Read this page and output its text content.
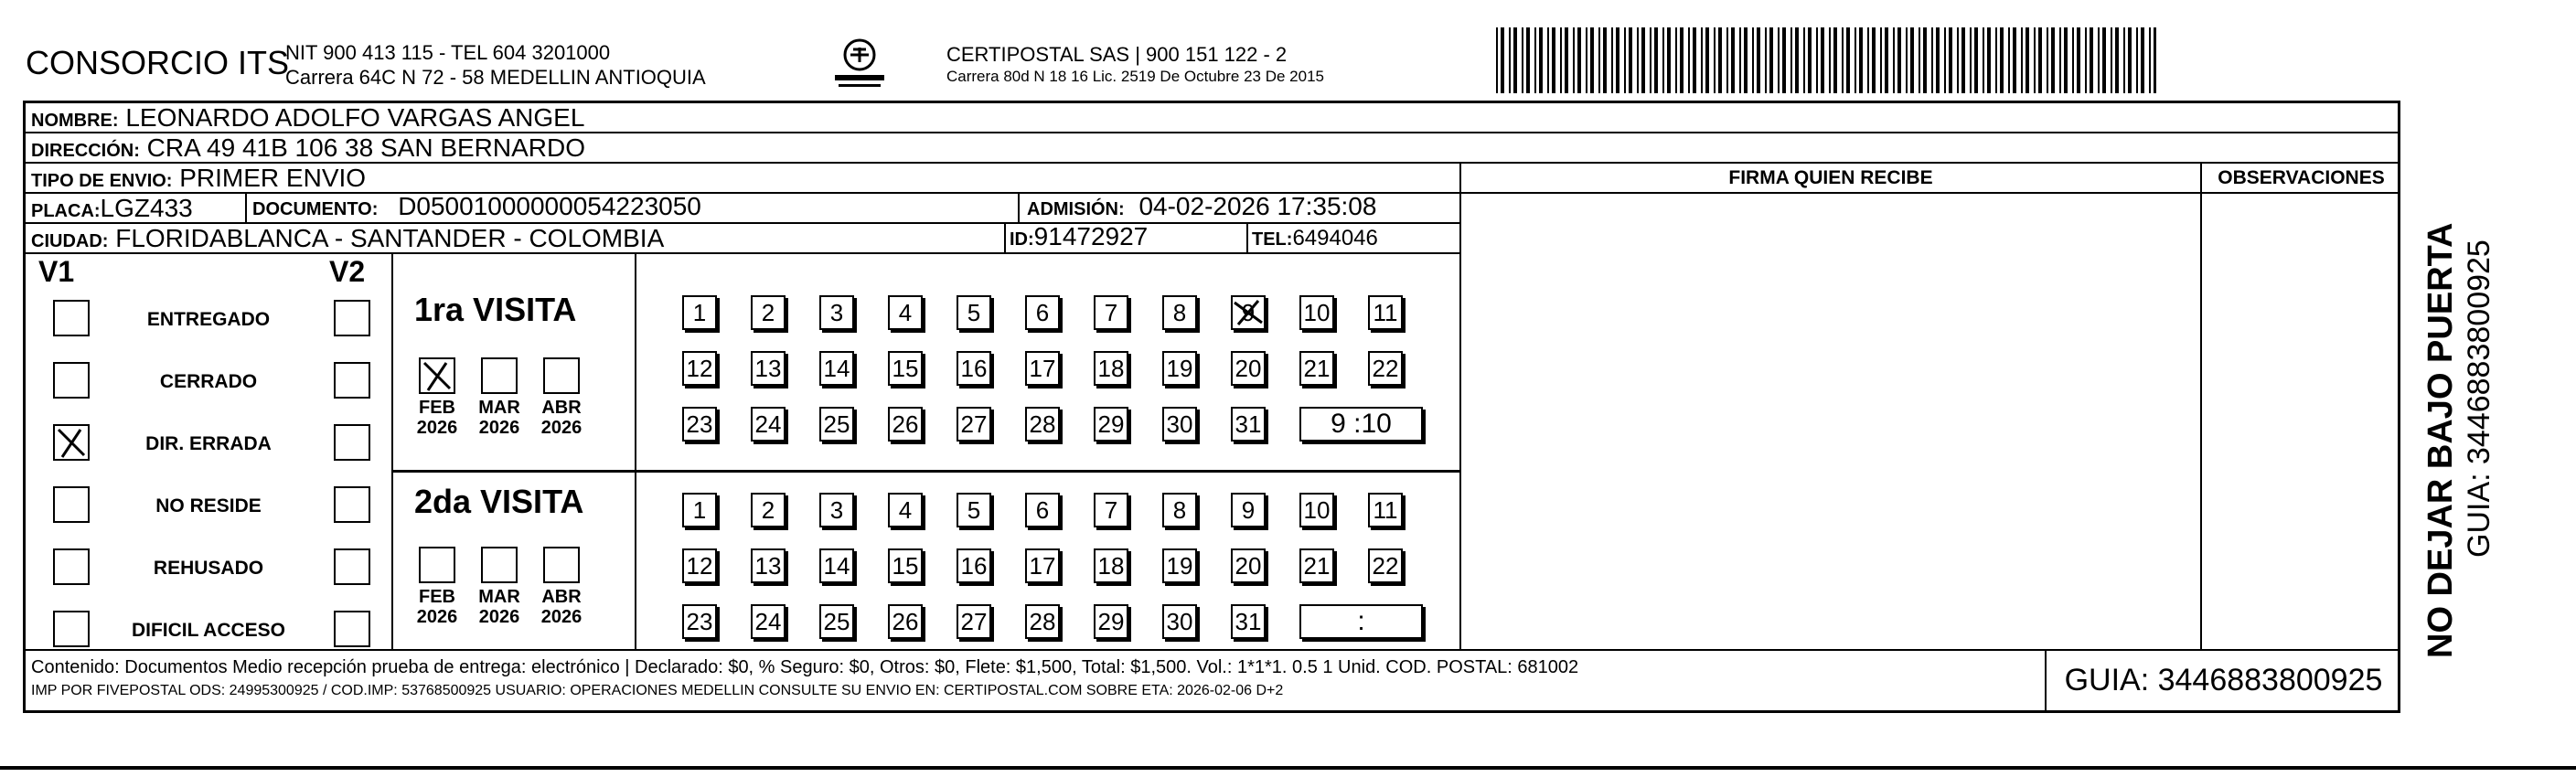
CONSORCIO ITS
NIT 900 413 115 - TEL 604 3201000
Carrera 64C N 72 - 58 MEDELLIN ANTIOQUIA
CERTIPOSTAL SAS | 900 151 122 - 2
Carrera 80d N 18 16 Lic. 2519 De Octubre 23 De 2015
NOMBRE: LEONARDO ADOLFO VARGAS ANGEL
DIRECCIÓN: CRA 49 41B 106 38 SAN BERNARDO
TIPO DE ENVIO: PRIMER ENVIO
PLACA:LGZ433	DOCUMENTO: D05001000000054223050	ADMISIÓN: 04-02-2026 17:35:08
CIUDAD: FLORIDABLANCA - SANTANDER - COLOMBIA	ID:91472927	TEL:6494046
FIRMA QUIEN RECIBE	OBSERVACIONES
V1	V2
ENTREGADO
CERRADO
DIR. ERRADA
NO RESIDE
REHUSADO
DIFICIL ACCESO
1ra VISITA
2da VISITA
FEB
2026
MAR
2026
ABR
2026
FEB
2026
MAR
2026
ABR
2026
1	2	3	4	5	6	7	8	9	10 11
12 13 14 15 16 17 18 19 20 21 22
23 24 25 26 27 28 29 30 31	9 :10
1	2	3	4	5	6	7	8	9	10 11
12 13 14 15 16 17 18 19 20 21 22
23 24 25 26 27 28 29 30 31	:
Contenido: Documentos Medio recepción prueba de entrega: electrónico | Declarado: $0, % Seguro: $0, Otros: $0, Flete: $1,500, Total: $1,500. Vol.: 1*1*1. 0.5 1 Unid. COD. POSTAL: 681002
IMP POR FIVEPOSTAL ODS: 24995300925 / COD.IMP: 53768500925 USUARIO: OPERACIONES MEDELLIN CONSULTE SU ENVIO EN: CERTIPOSTAL.COM SOBRE ETA: 2026-02-06 D+2	GUIA: 3446883800925
NO DEJAR BAJO PUERTA GUIA: 3446883800925
